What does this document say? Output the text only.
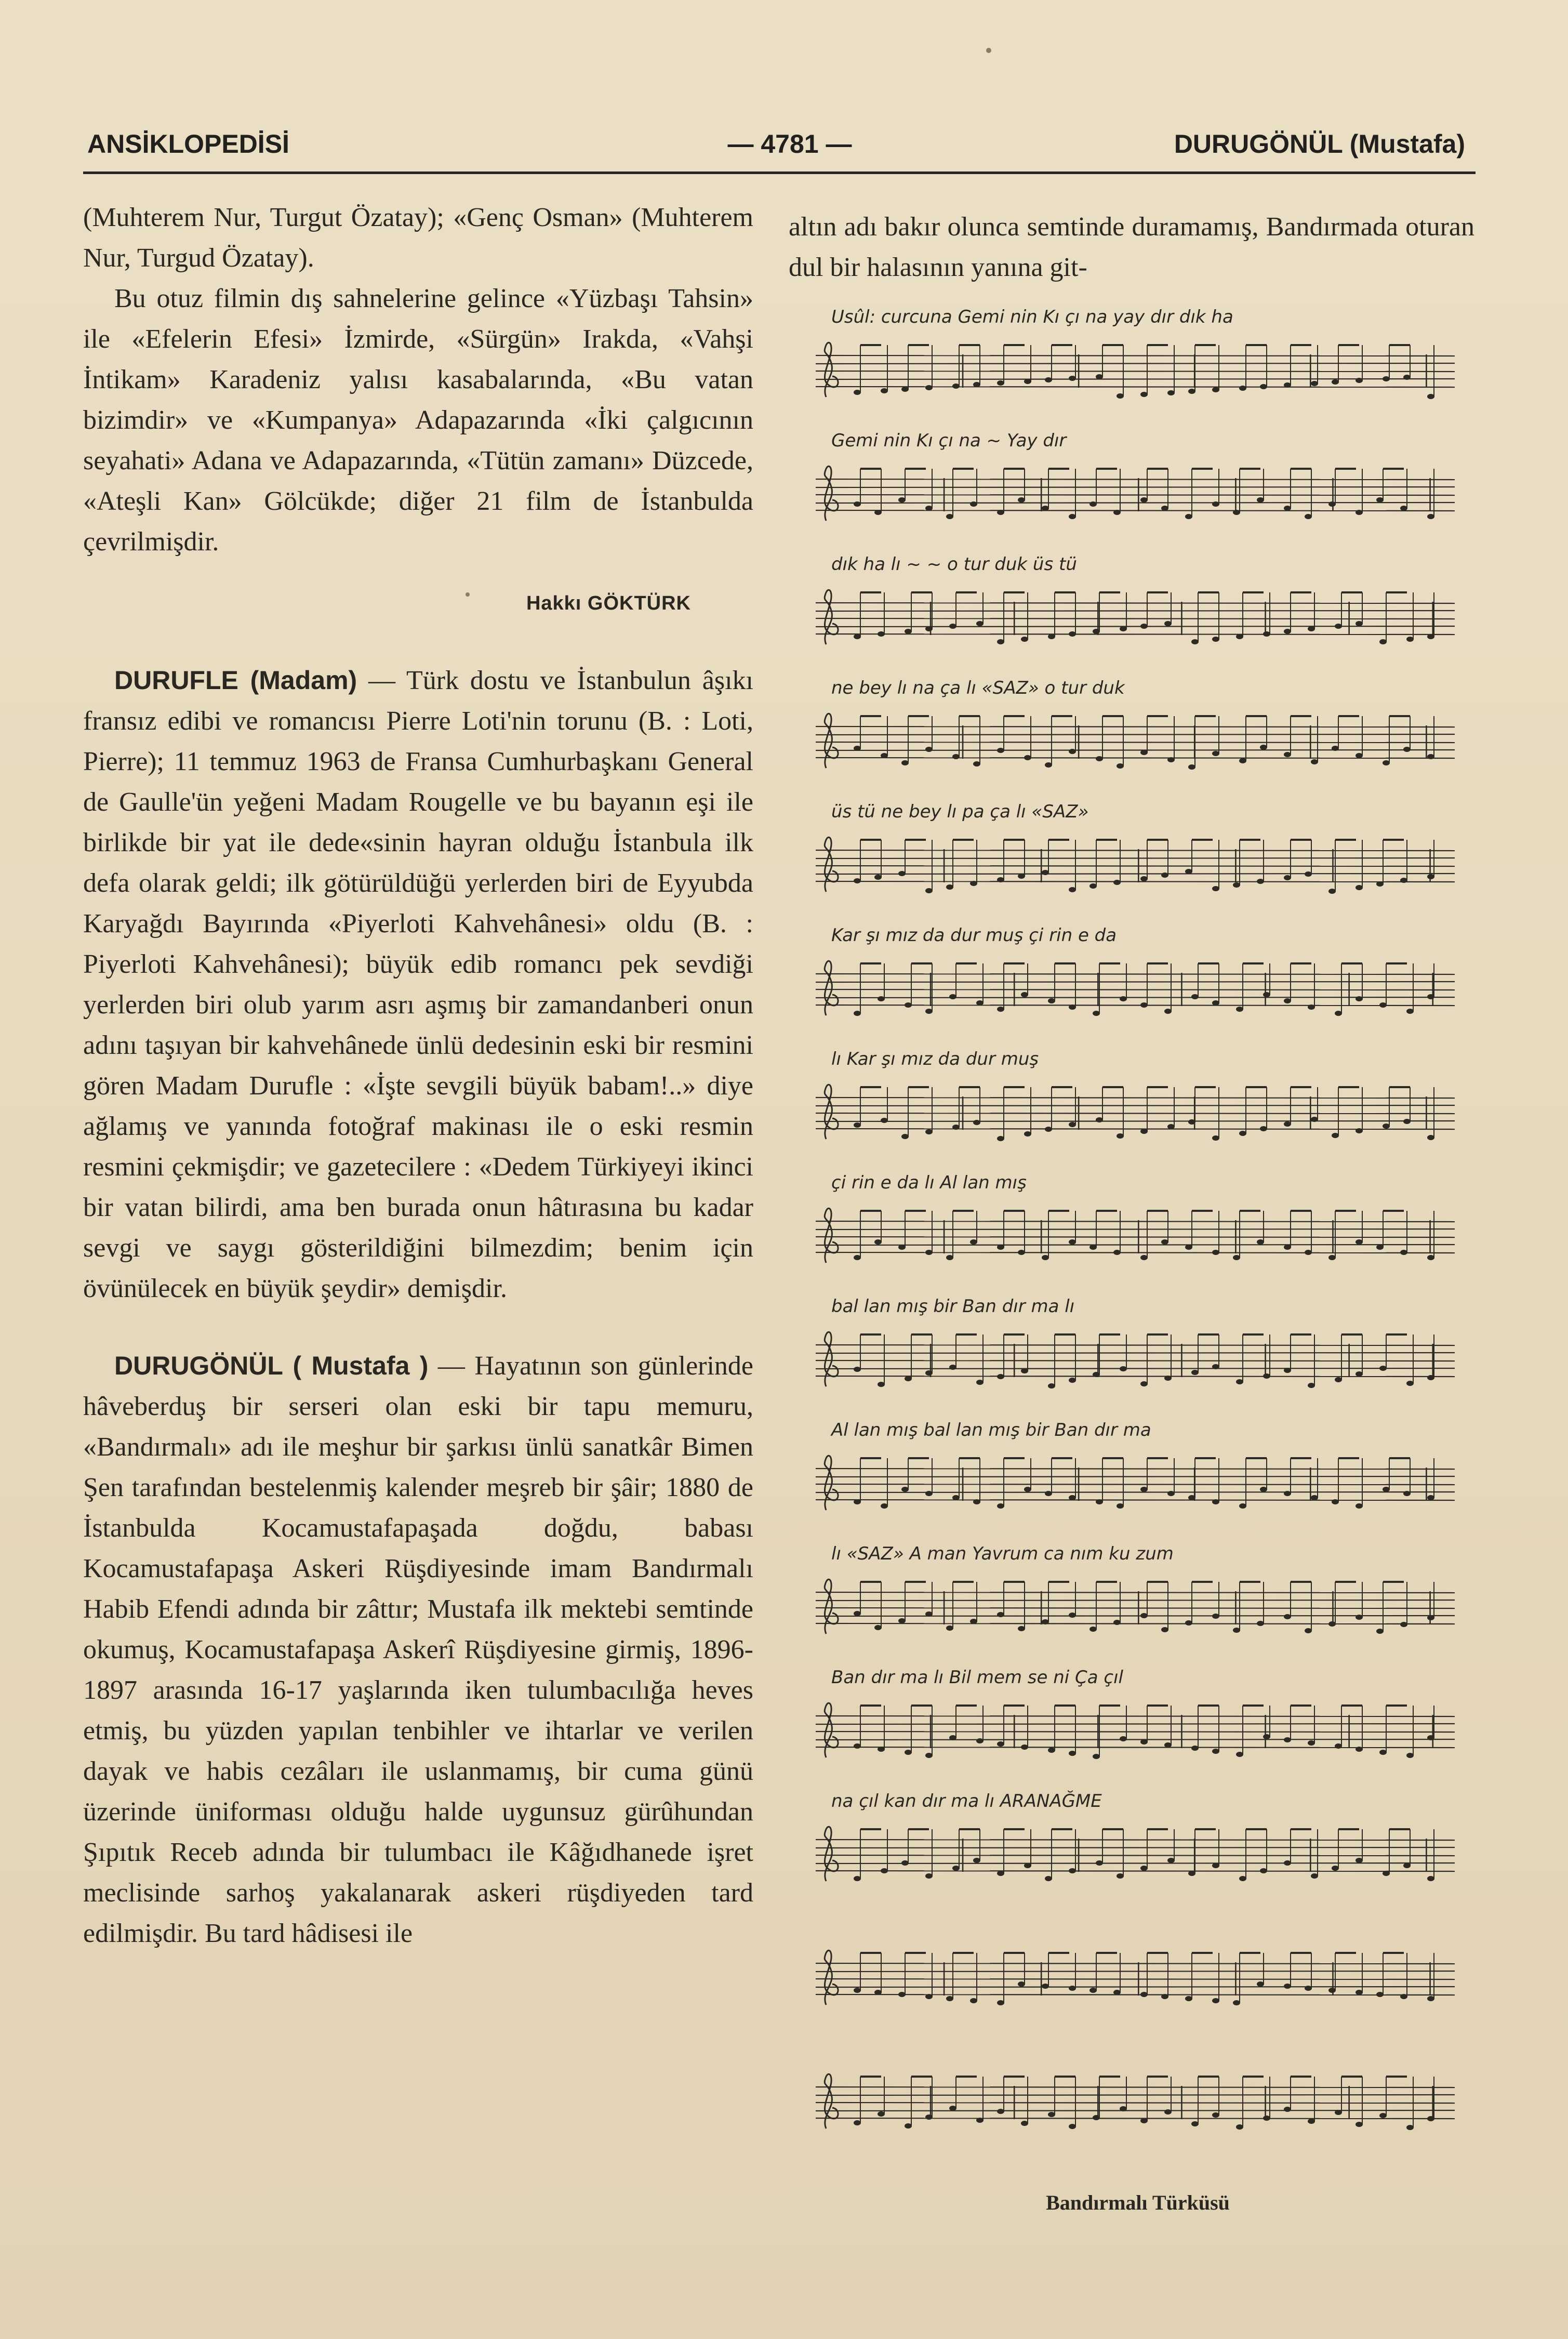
ANSİKLOPEDİSİ	— 4781 —	DURUGÖNÜL (Mustafa)

(Muhterem Nur, Turgut Özatay); «Genç Osman» (Muhterem Nur, Turgud Özatay).

Bu otuz filmin dış sahnelerine gelince «Yüzbaşı Tahsin» ile «Efelerin Efesi» İzmirde, «Sürgün» Irakda, «Vahşi İntikam» Karadeniz yalısı kasabalarında, «Bu vatan bizimdir» ve «Kumpanya» Adapazarında «İki çalgıcının seyahati» Adana ve Adapazarında, «Tütün zamanı» Düzcede, «Ateşli Kan» Gölcükde; diğer 21 film de İstanbulda çevrilmişdir.

Hakkı GÖKTÜRK

DURUFLE (Madam) — Türk dostu ve İstanbulun âşıkı fransız edibi ve romancısı Pierre Loti'nin torunu (B. : Loti, Pierre); 11 temmuz 1963 de Fransa Cumhurbaşkanı General de Gaulle'ün yeğeni Madam Rougelle ve bu bayanın eşi ile birlikde bir yat ile dede«sinin hayran olduğu İstanbula ilk defa olarak geldi; ilk götürüldüğü yerlerden biri de Eyyubda Karyağdı Bayırında «Piyerloti Kahvehânesi» oldu (B. : Piyerloti Kahvehânesi); büyük edib romancı pek sevdiği yerlerden biri olub yarım asrı aşmış bir zamandanberi onun adını taşıyan bir kahvehânede ünlü dedesinin eski bir resmini gören Madam Durufle : «İşte sevgili büyük babam!..» diye ağlamış ve yanında fotoğraf makinası ile o eski resmin resmini çekmişdir; ve gazetecilere : «Dedem Türkiyeyi ikinci bir vatan bilirdi, ama ben burada onun hâtırasına bu kadar sevgi ve saygı gösterildiğini bilmezdim; benim için övünülecek en büyük şeydir» demişdir.

DURUGÖNÜL ( Mustafa ) — Hayatının son günlerinde hâveberduş bir serseri olan eski bir tapu memuru, «Bandırmalı» adı ile meşhur bir şarkısı ünlü sanatkâr Bimen Şen tarafından bestelenmiş kalender meşreb bir şâir; 1880 de İstanbulda Kocamustafapaşada doğdu, babası Kocamustafapaşa Askeri Rüşdiyesinde imam Bandırmalı Habib Efendi adında bir zâttır; Mustafa ilk mektebi semtinde okumuş, Kocamustafapaşa Askerî Rüşdiyesine girmiş, 1896-1897 arasında 16-17 yaşlarında iken tulumbacılığa heves etmiş, bu yüzden yapılan tenbihler ve ihtarlar ve verilen dayak ve habis cezâları ile uslanmamış, bir cuma günü üzerinde üniforması olduğu halde uygunsuz gürûhundan Şıpıtık Receb adında bir tulumbacı ile Kâğıdhanede işret meclisinde sarhoş yakalanarak askeri rüşdiyeden tard edilmişdir. Bu tard hâdisesi ile

altın adı bakır olunca semtinde duramamış, Bandırmada oturan dul bir halasının yanına git-

Usûl: curcuna Gemi nin Kı çı na yay dır dık ha
Gemi nin Kı çı na ~ Yay dır
dık ha lı ~ ~ o tur duk üs tü
ne bey lı na ça lı «SAZ» o tur duk
üs tü ne bey lı pa ça lı «SAZ»
Kar şı mız da dur muş çi rin e da
lı Kar şı mız da dur muş
çi rin e da lı Al lan mış
bal lan mış bir Ban dır ma lı
Al lan mış bal lan mış bir Ban dır ma
lı «SAZ» A man Yavrum ca nım ku zum
Ban dır ma lı Bil mem se ni Ça çıl
na çıl kan dır ma lı ARANAĞME
Bandırmalı Türküsü
